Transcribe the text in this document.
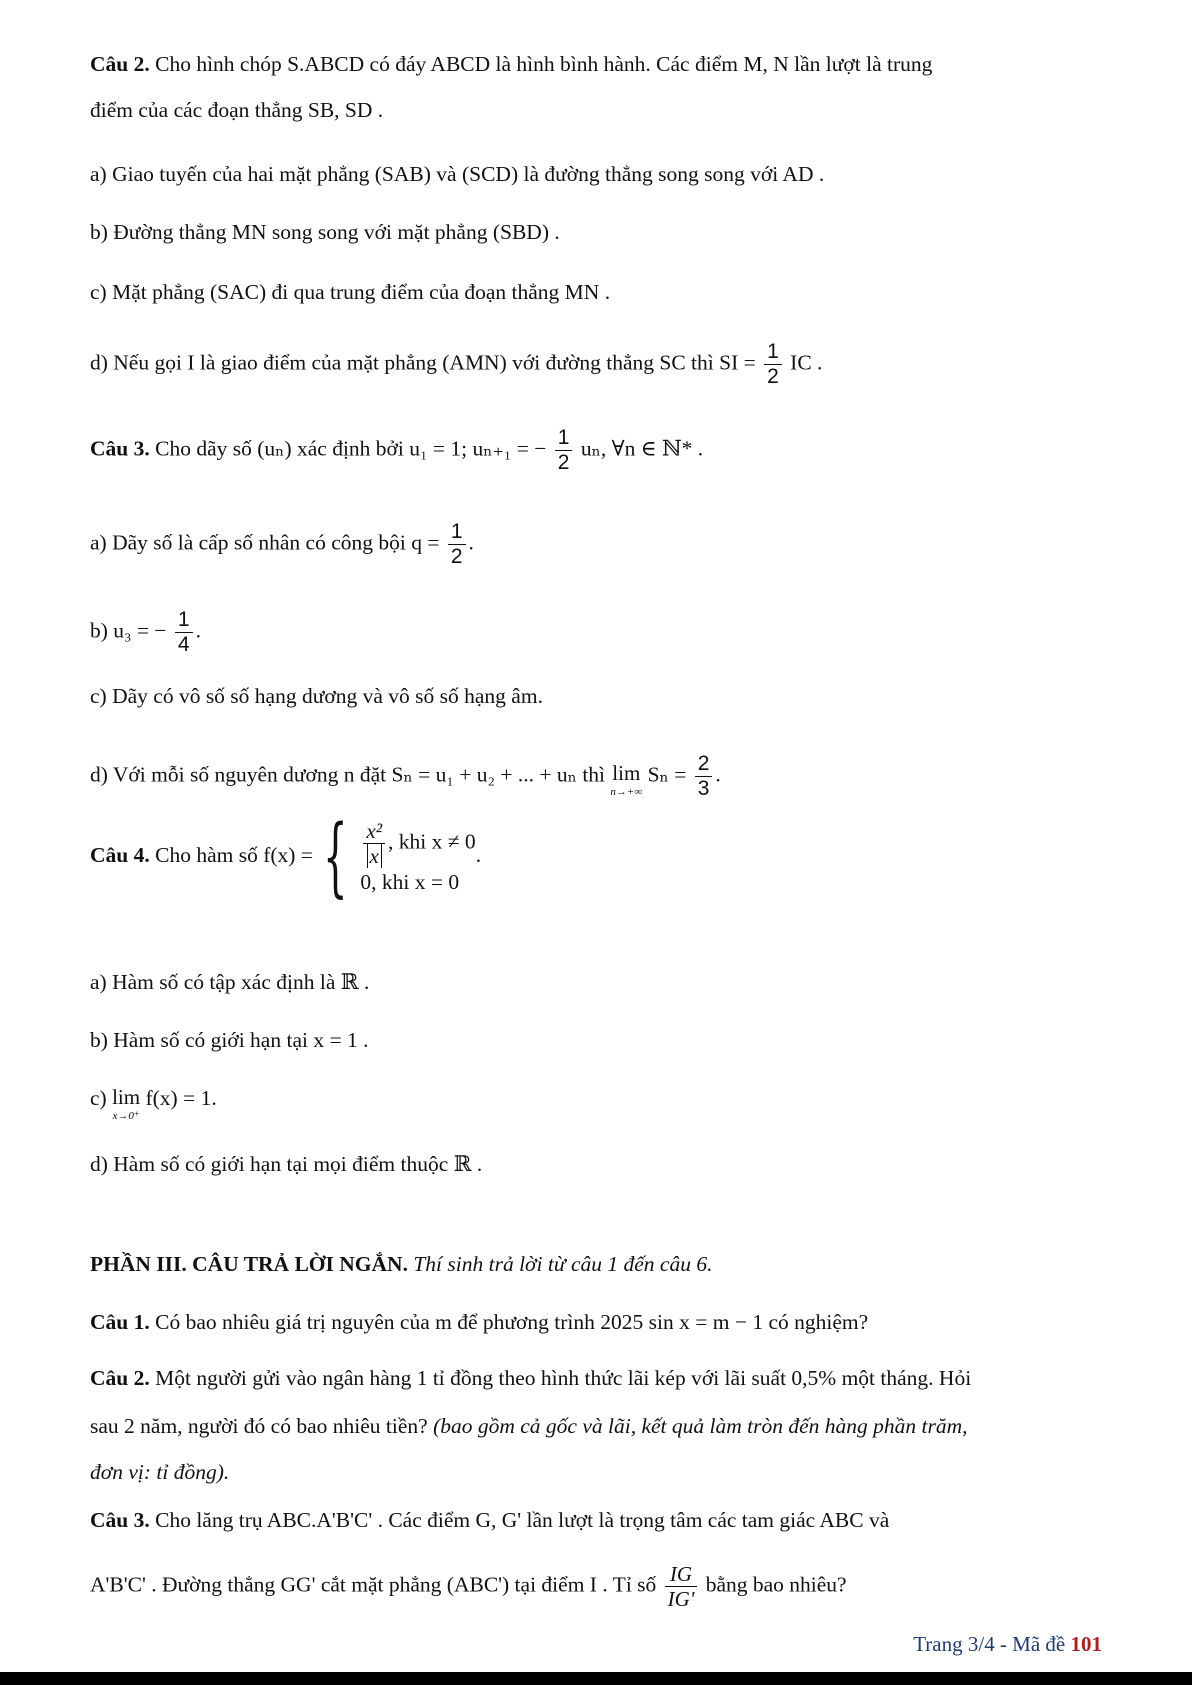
Câu 2. Cho hình chóp S.ABCD có đáy ABCD là hình bình hành. Các điểm M, N lần lượt là trung
điểm của các đoạn thẳng SB, SD .
a) Giao tuyến của hai mặt phẳng (SAB) và (SCD) là đường thẳng song song với AD .
b) Đường thẳng MN song song với mặt phẳng (SBD) .
c) Mặt phẳng (SAC) đi qua trung điểm của đoạn thẳng MN .
d) Nếu gọi I là giao điểm của mặt phẳng (AMN) với đường thẳng SC thì SI = $\frac{1}{2}$ IC .
Câu 3. Cho dãy số (uₙ) xác định bởi u₁ = 1; uₙ₊₁ = − $\frac{1}{2} u_n$, ∀n ∈ ℕ* .
a) Dãy số là cấp số nhân có công bội $q = \frac{1}{2}$ .
b) u₃ = − $\frac{1}{4}$ .
c) Dãy có vô số số hạng dương và vô số số hạng âm.
d) Với mỗi số nguyên dương n đặt Sₙ = u₁ + u₂ + ... + uₙ thì lim
n→+∞
$S_n = \frac{2}{3}$ .
Câu 4. Cho hàm số f(x) = { $\frac{\text{x²}}{x}$ , khi x ≠ 0
0, khi x = 0
.
a) Hàm số có tập xác định là ℝ .
b) Hàm số có giới hạn tại x = 1 .
c) lim
x→0⁺
f(x) = 1.
d) Hàm số có giới hạn tại mọi điểm thuộc ℝ .
PHẦN III. CÂU TRẢ LỜI NGẮN. Thí sinh trả lời từ câu 1 đến câu 6.
Câu 1. Có bao nhiêu giá trị nguyên của m để phương trình 2025 sin x = m − 1 có nghiệm?
Câu 2. Một người gửi vào ngân hàng 1 tỉ đồng theo hình thức lãi kép với lãi suất 0,5% một tháng. Hỏi
sau 2 năm, người đó có bao nhiêu tiền? (bao gồm cả gốc và lãi, kết quả làm tròn đến hàng phần trăm,
đơn vị: tỉ đồng).
Câu 3. Cho lăng trụ ABC.A'B'C' . Các điểm G, G' lần lượt là trọng tâm các tam giác ABC và
A'B'C' . Đường thẳng GG' cắt mặt phẳng (ABC') tại điểm I . Tỉ số $\frac{IG}{IG'}$ bằng bao nhiêu?
Trang 3/4 - Mã đề 101
